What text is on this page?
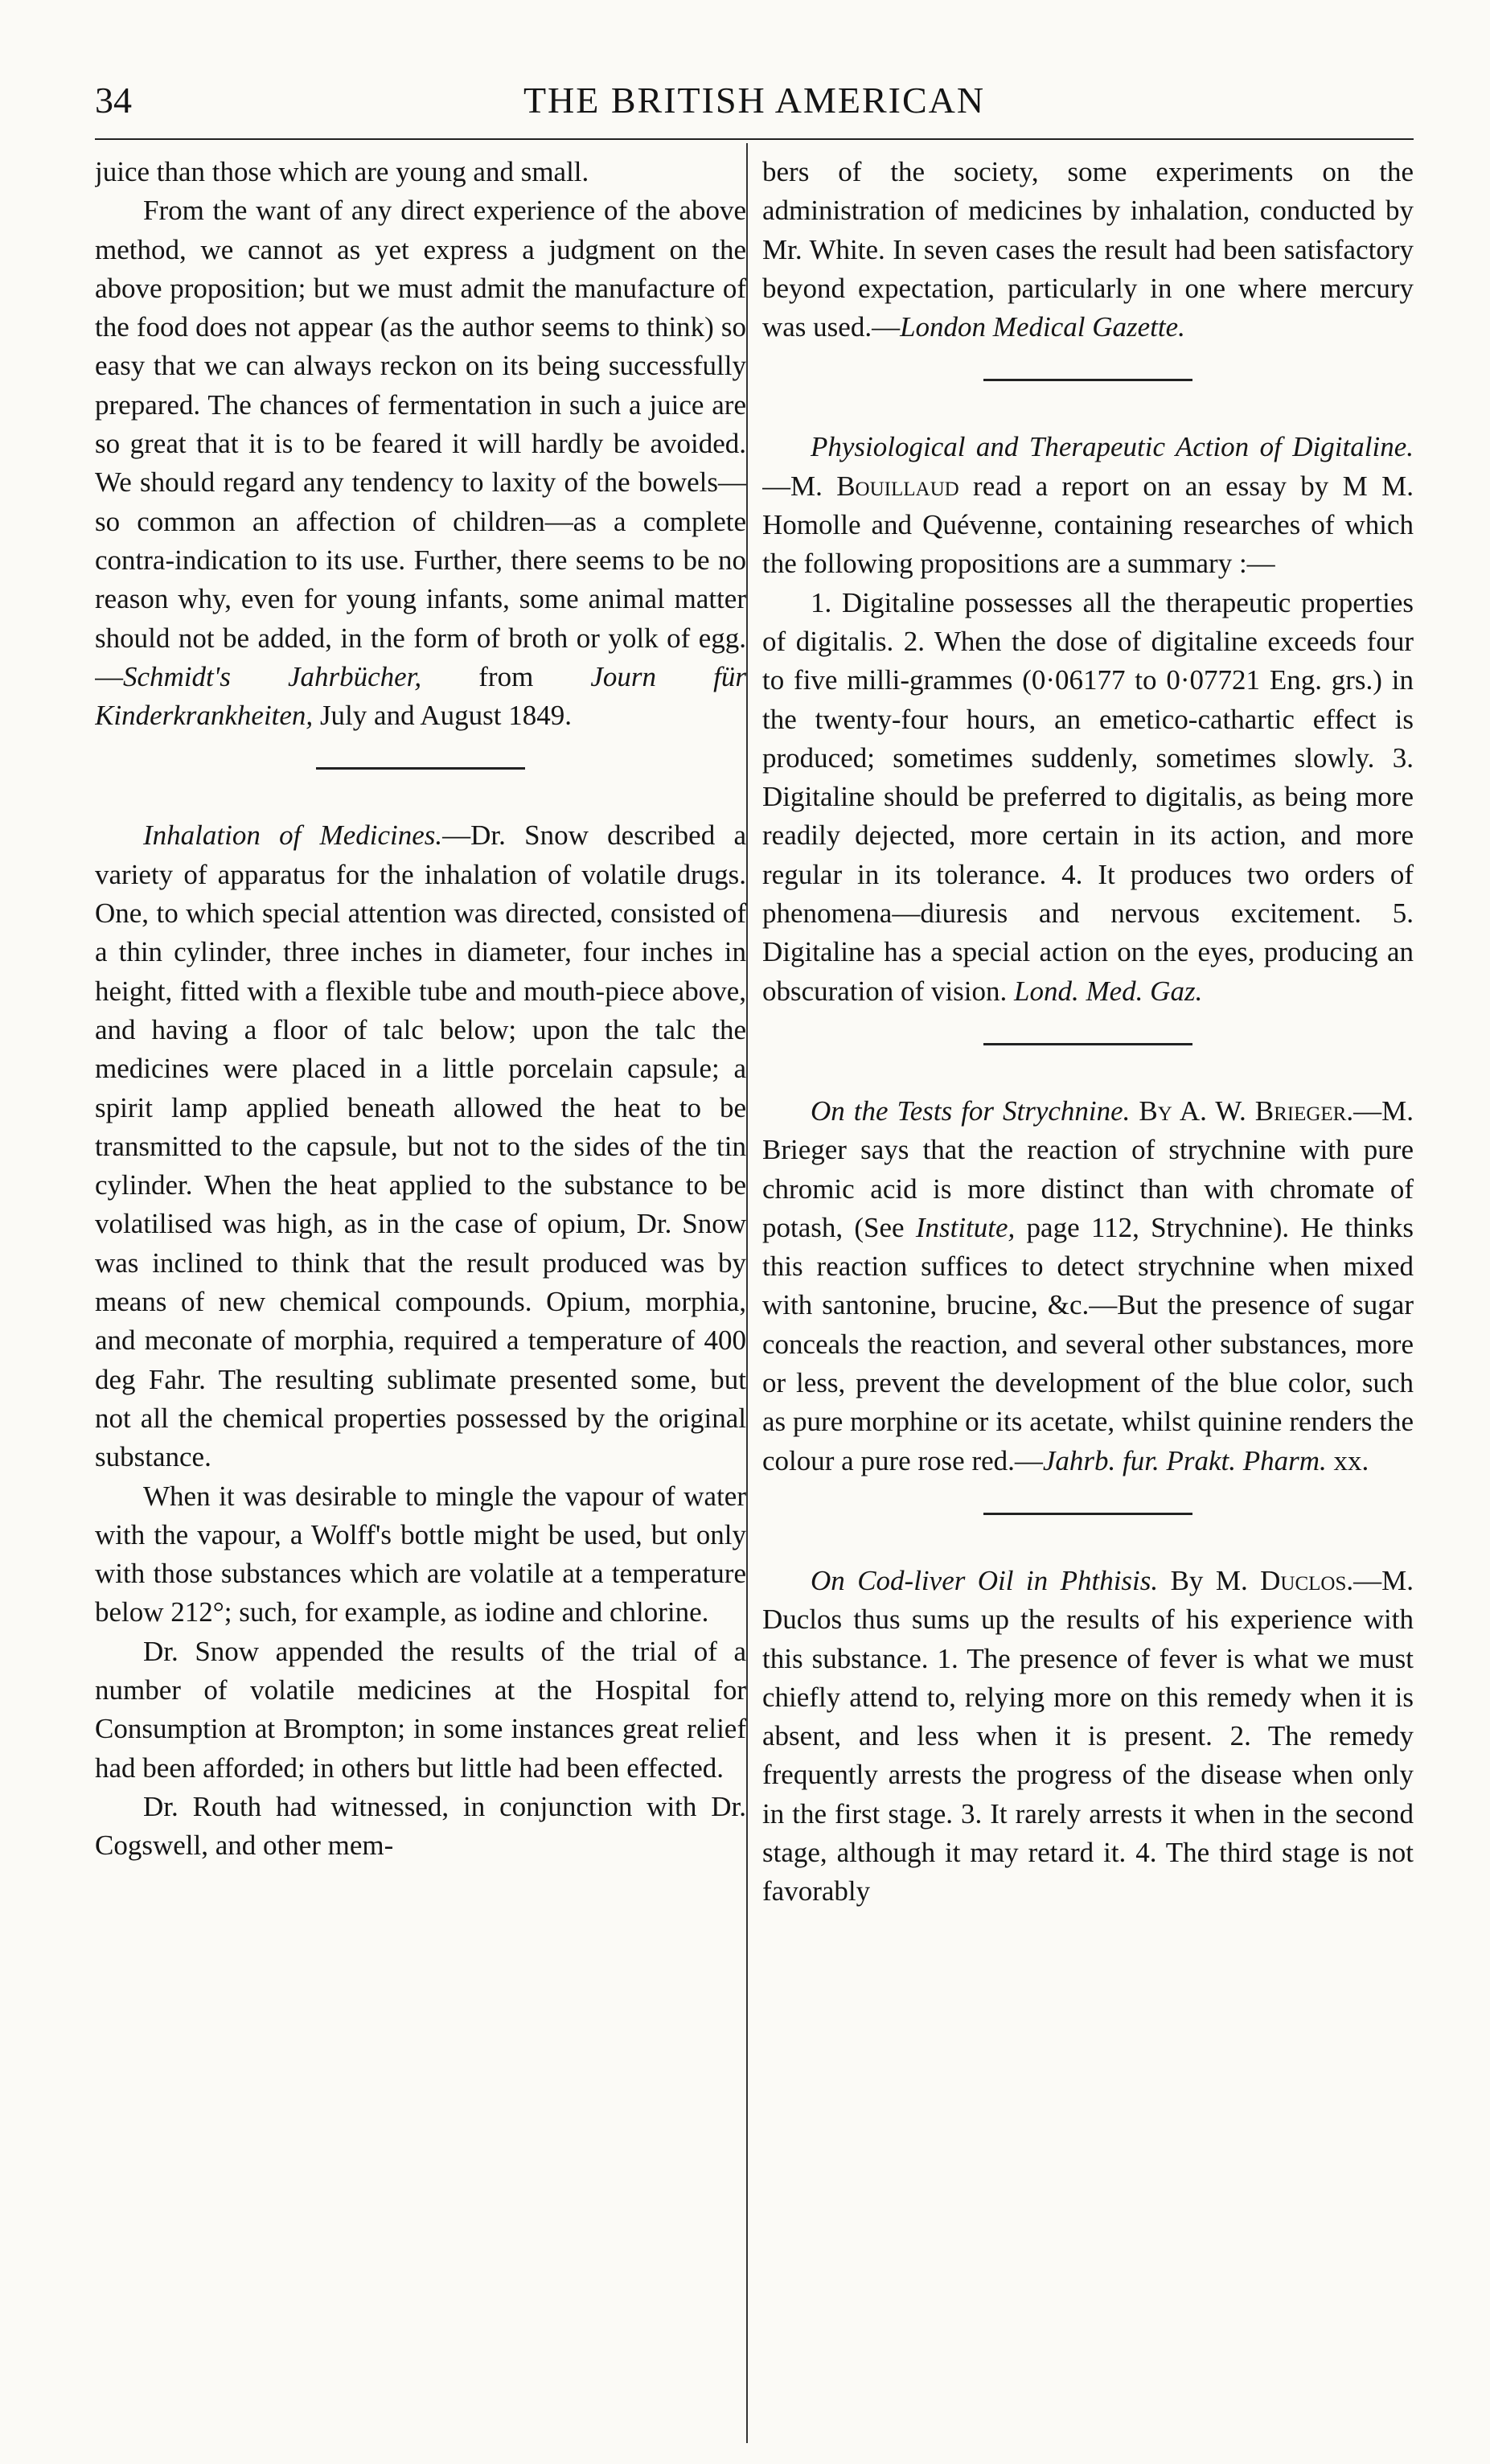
34	THE BRITISH AMERICAN

juice than those which are young and small.

From the want of any direct experience of the above method, we cannot as yet express a judgment on the above proposition; but we must admit the manufacture of the food does not appear (as the author seems to think) so easy that we can always reckon on its being successfully prepared. The chances of fermentation in such a juice are so great that it is to be feared it will hardly be avoided. We should regard any tendency to laxity of the bowels—so common an affection of children—as a complete contra-indication to its use. Further, there seems to be no reason why, even for young infants, some animal matter should not be added, in the form of broth or yolk of egg.—Schmidt's Jahrbücher, from Journ für Kinderkrankheiten, July and August 1849.

Inhalation of Medicines.—Dr. Snow described a variety of apparatus for the inhalation of volatile drugs. One, to which special attention was directed, consisted of a thin cylinder, three inches in diameter, four inches in height, fitted with a flexible tube and mouth-piece above, and having a floor of talc below; upon the talc the medicines were placed in a little porcelain capsule; a spirit lamp applied beneath allowed the heat to be transmitted to the capsule, but not to the sides of the tin cylinder. When the heat applied to the substance to be volatilised was high, as in the case of opium, Dr. Snow was inclined to think that the result produced was by means of new chemical compounds. Opium, morphia, and meconate of morphia, required a temperature of 400 deg Fahr. The resulting sublimate presented some, but not all the chemical properties possessed by the original substance.

When it was desirable to mingle the vapour of water with the vapour, a Wolff's bottle might be used, but only with those substances which are volatile at a temperature below 212°; such, for example, as iodine and chlorine.

Dr. Snow appended the results of the trial of a number of volatile medicines at the Hospital for Consumption at Brompton; in some instances great relief had been afforded; in others but little had been effected.

Dr. Routh had witnessed, in conjunction with Dr. Cogswell, and other mem-

bers of the society, some experiments on the administration of medicines by inhalation, conducted by Mr. White. In seven cases the result had been satisfactory beyond expectation, particularly in one where mercury was used.—London Medical Gazette.

Physiological and Therapeutic Action of Digitaline.—M. Bouillaud read a report on an essay by M M. Homolle and Quévenne, containing researches of which the following propositions are a summary :—

1. Digitaline possesses all the therapeutic properties of digitalis. 2. When the dose of digitaline exceeds four to five milli-grammes (0·06177 to 0·07721 Eng. grs.) in the twenty-four hours, an emetico-cathartic effect is produced; sometimes suddenly, sometimes slowly. 3. Digitaline should be preferred to digitalis, as being more readily dejected, more certain in its action, and more regular in its tolerance. 4. It produces two orders of phenomena—diuresis and nervous excitement. 5. Digitaline has a special action on the eyes, producing an obscuration of vision. Lond. Med. Gaz.

On the Tests for Strychnine. By A. W. Brieger.—M. Brieger says that the reaction of strychnine with pure chromic acid is more distinct than with chromate of potash, (See Institute, page 112, Strychnine). He thinks this reaction suffices to detect strychnine when mixed with santonine, brucine, &c.—But the presence of sugar conceals the reaction, and several other substances, more or less, prevent the development of the blue color, such as pure morphine or its acetate, whilst quinine renders the colour a pure rose red.—Jahrb. fur. Prakt. Pharm. xx.

On Cod-liver Oil in Phthisis. By M. Duclos.—M. Duclos thus sums up the results of his experience with this substance. 1. The presence of fever is what we must chiefly attend to, relying more on this remedy when it is absent, and less when it is present. 2. The remedy frequently arrests the progress of the disease when only in the first stage. 3. It rarely arrests it when in the second stage, although it may retard it. 4. The third stage is not favorably
